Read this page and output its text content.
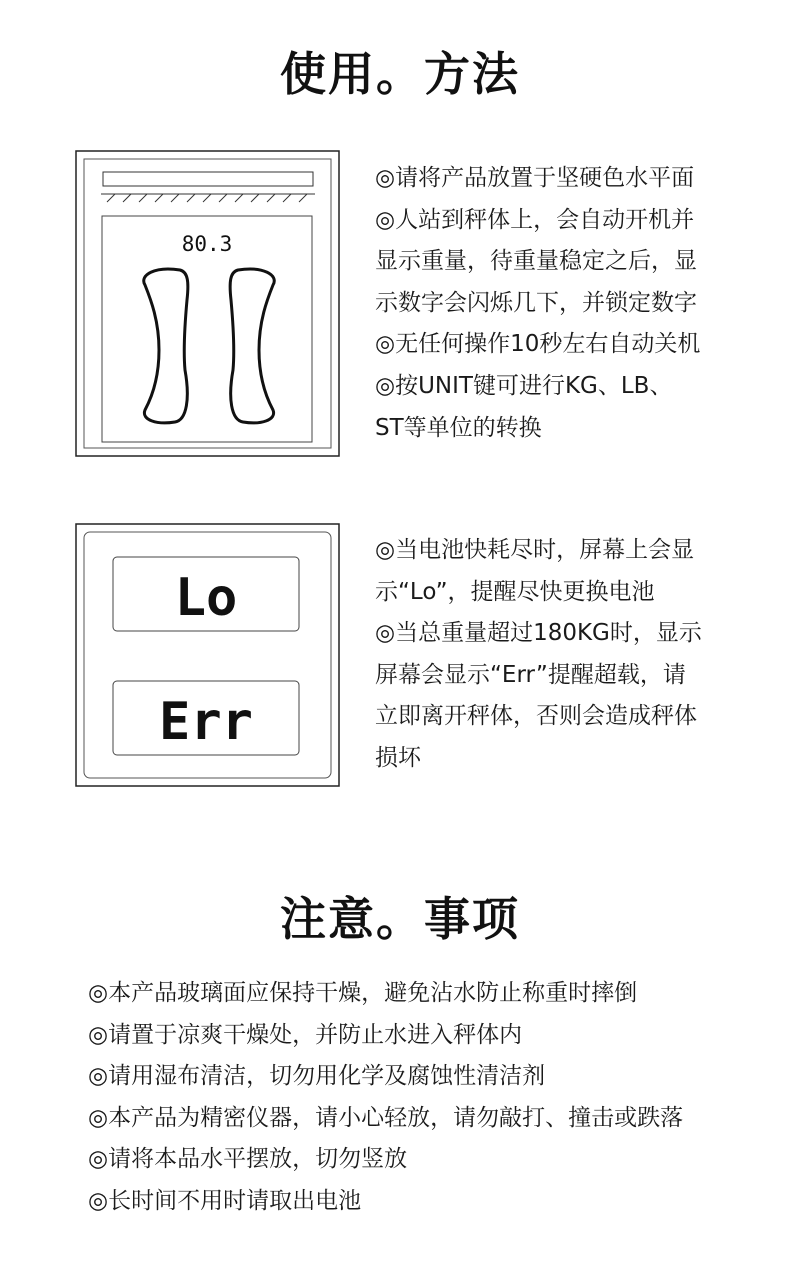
使用。方法
80.3
◎请将产品放置于坚硬色水平面
◎人站到秤体上，会自动开机并
显示重量，待重量稳定之后，显
示数字会闪烁几下，并锁定数字
◎无任何操作10秒左右自动关机
◎按UNIT键可进行KG、LB、
ST等单位的转换
Lo
Err
◎当电池快耗尽时，屏幕上会显
示“Lo”，提醒尽快更换电池
◎当总重量超过180KG时，显示
屏幕会显示“Err”提醒超载，请
立即离开秤体，否则会造成秤体
损坏
注意。事项
◎本产品玻璃面应保持干燥，避免沾水防止称重时摔倒
◎请置于凉爽干燥处，并防止水进入秤体内
◎请用湿布清洁，切勿用化学及腐蚀性清洁剂
◎本产品为精密仪器，请小心轻放，请勿敲打、撞击或跌落
◎请将本品水平摆放，切勿竖放
◎长时间不用时请取出电池
